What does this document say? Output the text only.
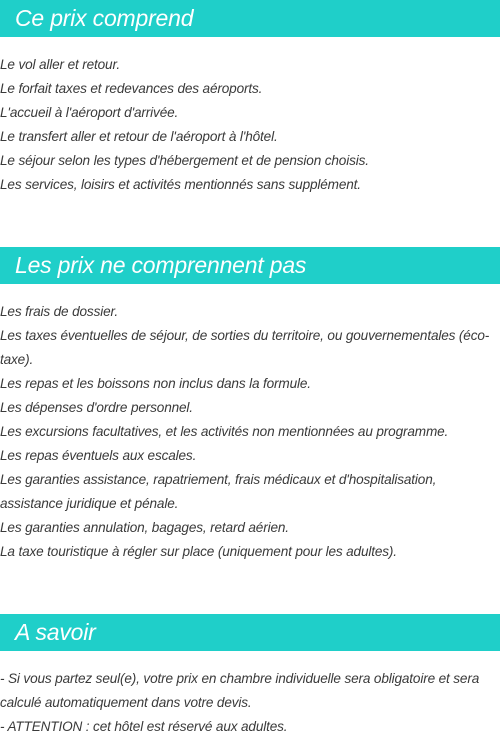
Ce prix comprend
Le vol aller et retour.
Le forfait taxes et redevances des aéroports.
L'accueil à l'aéroport d'arrivée.
Le transfert aller et retour de l'aéroport à l'hôtel.
Le séjour selon les types d'hébergement et de pension choisis.
Les services, loisirs et activités mentionnés sans supplément.
Les prix ne comprennent pas
Les frais de dossier.
Les taxes éventuelles de séjour, de sorties du territoire, ou gouvernementales (éco-taxe).
Les repas et les boissons non inclus dans la formule.
Les dépenses d'ordre personnel.
Les excursions facultatives, et les activités non mentionnées au programme.
Les repas éventuels aux escales.
Les garanties assistance, rapatriement, frais médicaux et d'hospitalisation, assistance juridique et pénale.
Les garanties annulation, bagages, retard aérien.
La taxe touristique à régler sur place (uniquement pour les adultes).
A savoir
- Si vous partez seul(e), votre prix en chambre individuelle sera obligatoire et sera calculé automatiquement dans votre devis.
- ATTENTION : cet hôtel est réservé aux adultes.
